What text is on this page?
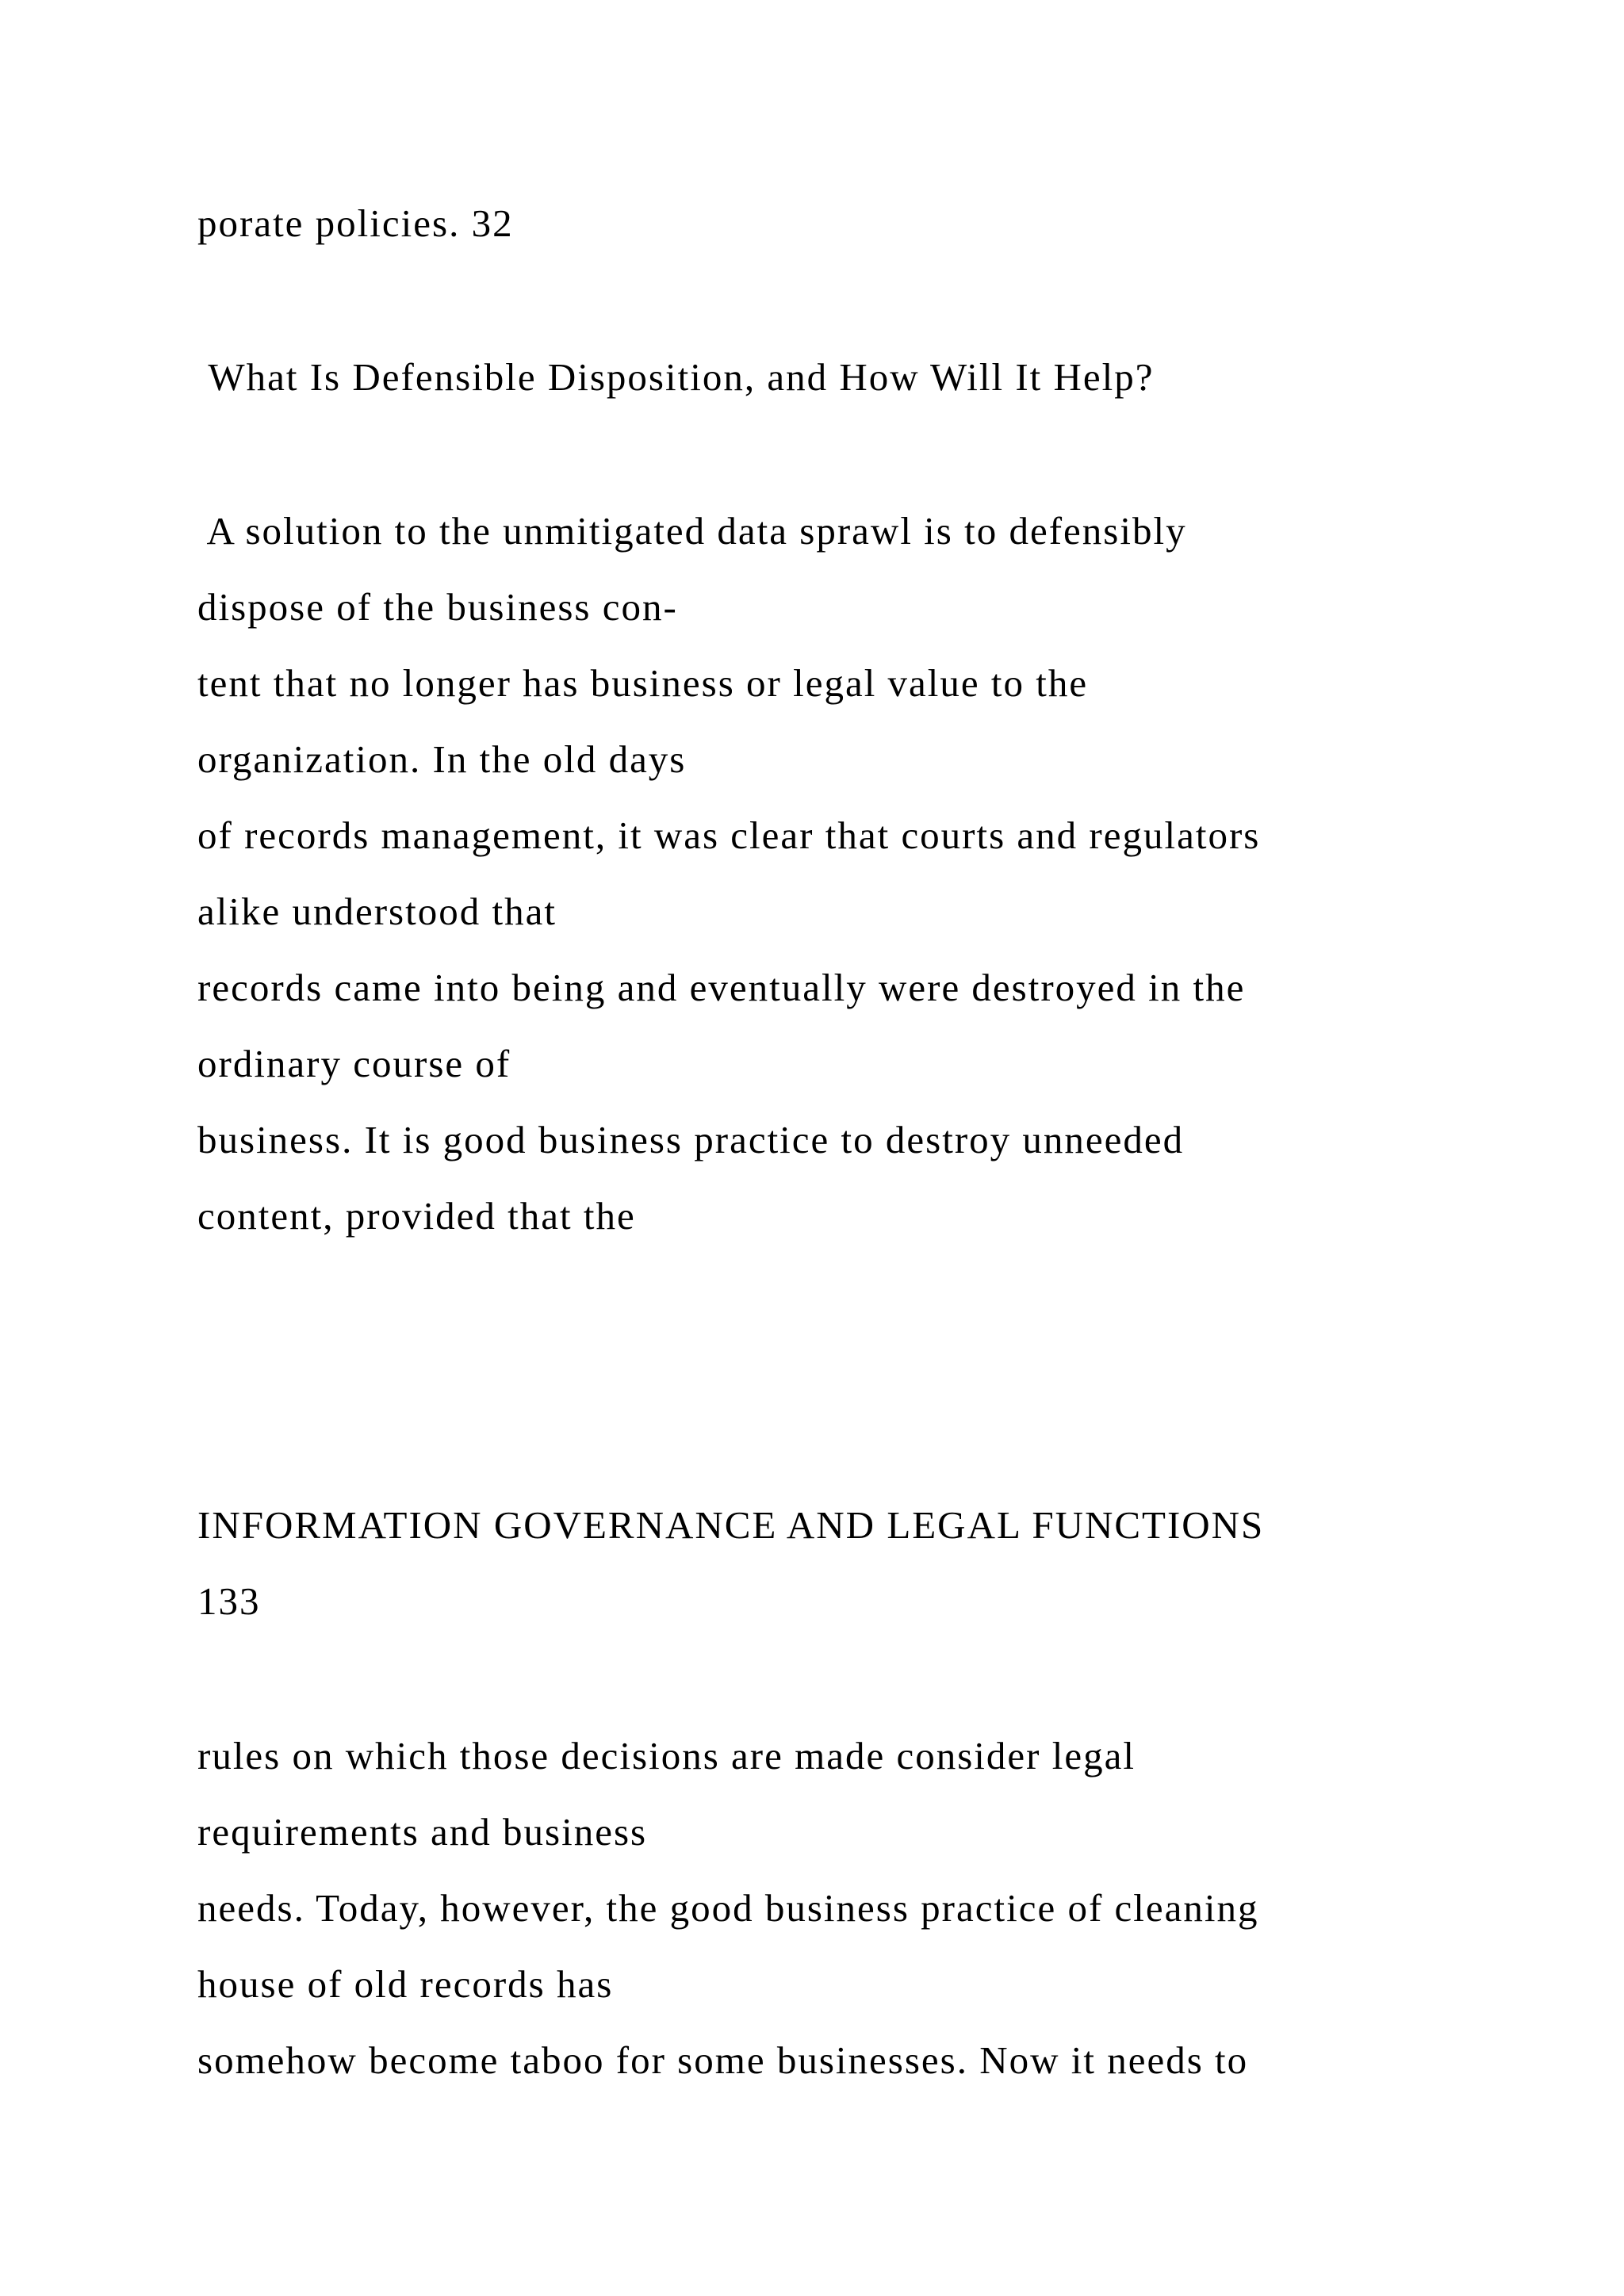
porate policies. 32

What Is Defensible Disposition, and How Will It Help?

A solution to the unmitigated data sprawl is to defensibly

dispose of the business con-

tent that no longer has business or legal value to the

organization. In the old days

of records management, it was clear that courts and regulators

alike understood that

records came into being and eventually were destroyed in the

ordinary course of

business. It is good business practice to destroy unneeded

content, provided that the

INFORMATION GOVERNANCE AND LEGAL FUNCTIONS

133

rules on which those decisions are made consider legal

requirements and business

needs. Today, however, the good business practice of cleaning

house of old records has

somehow become taboo for some businesses. Now it needs to
